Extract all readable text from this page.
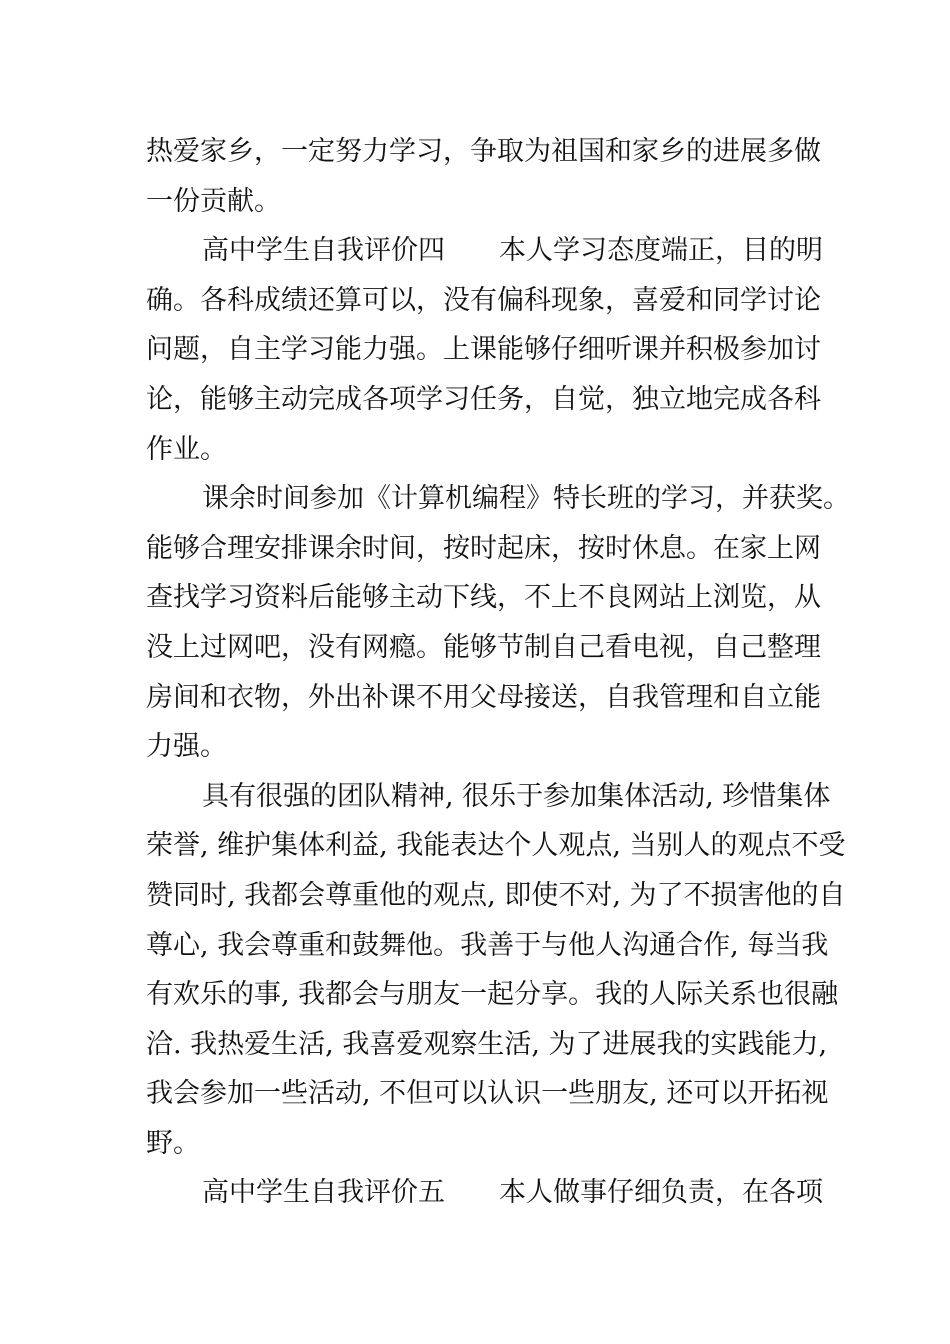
热爱家乡，一定努力学习，争取为祖国和家乡的进展多做
一份贡献。
高中学生自我评价四 本人学习态度端正，目的明
确。各科成绩还算可以，没有偏科现象，喜爱和同学讨论
问题，自主学习能力强。上课能够仔细听课并积极参加讨
论，能够主动完成各项学习任务，自觉，独立地完成各科
作业。
课余时间参加《计算机编程》特长班的学习，并获奖。
能够合理安排课余时间，按时起床，按时休息。在家上网
查找学习资料后能够主动下线，不上不良网站上浏览，从
没上过网吧，没有网瘾。能够节制自己看电视，自己整理
房间和衣物，外出补课不用父母接送，自我管理和自立能
力强。
具有很强的团队精神, 很乐于参加集体活动, 珍惜集体
荣誉, 维护集体利益, 我能表达个人观点, 当别人的观点不受
赞同时, 我都会尊重他的观点, 即使不对, 为了不损害他的自
尊心, 我会尊重和鼓舞他。我善于与他人沟通合作, 每当我
有欢乐的事, 我都会与朋友一起分享。我的人际关系也很融
洽. 我热爱生活, 我喜爱观察生活, 为了进展我的实践能力,
我会参加一些活动, 不但可以认识一些朋友, 还可以开拓视
野。
高中学生自我评价五 本人做事仔细负责，在各项
